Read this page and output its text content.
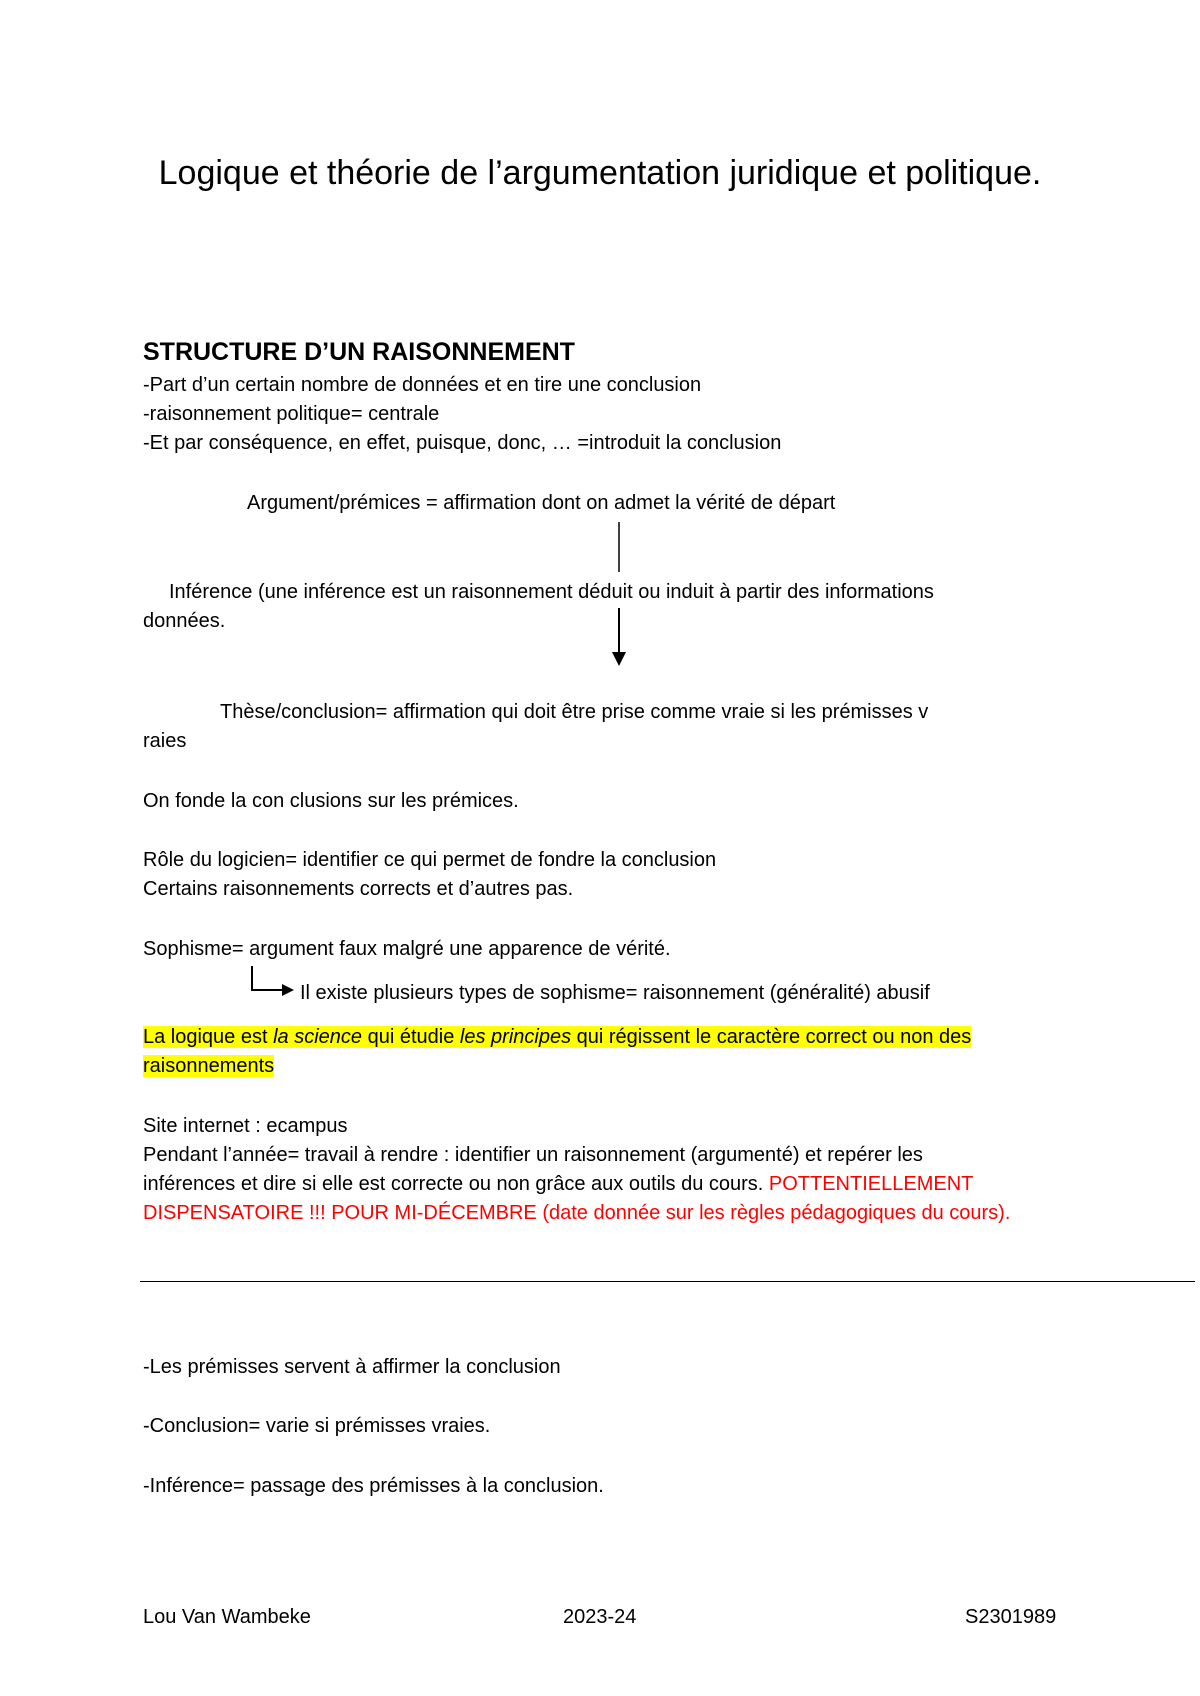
Logique et théorie de l’argumentation juridique et politique.
STRUCTURE D’UN RAISONNEMENT
-Part d’un certain nombre de données et en tire une conclusion
-raisonnement politique= centrale
-Et par conséquence, en effet, puisque, donc, … =introduit la conclusion
Argument/prémices = affirmation dont on admet la vérité de départ
Inférence (une inférence est un raisonnement déduit ou induit à partir des informations
données.
Thèse/conclusion= affirmation qui doit être prise comme vraie si les prémisses v
raies
On fonde la con clusions sur les prémices.
Rôle du logicien= identifier ce qui permet de fondre la conclusion
Certains raisonnements corrects et d’autres pas.
Sophisme= argument faux malgré une apparence de vérité.
Il existe plusieurs types de sophisme= raisonnement (généralité) abusif
La logique est la science qui étudie les principes qui régissent le caractère correct ou non des
raisonnements
Site internet : ecampus
Pendant l’année= travail à rendre : identifier un raisonnement (argumenté) et repérer les
inférences et dire si elle est correcte ou non grâce aux outils du cours. POTTENTIELLEMENT
DISPENSATOIRE !!! POUR MI-DÉCEMBRE (date donnée sur les règles pédagogiques du cours).
-Les prémisses servent à affirmer la conclusion
-Conclusion= varie si prémisses vraies.
-Inférence= passage des prémisses à la conclusion.
Lou Van Wambeke	2023-24	S2301989
